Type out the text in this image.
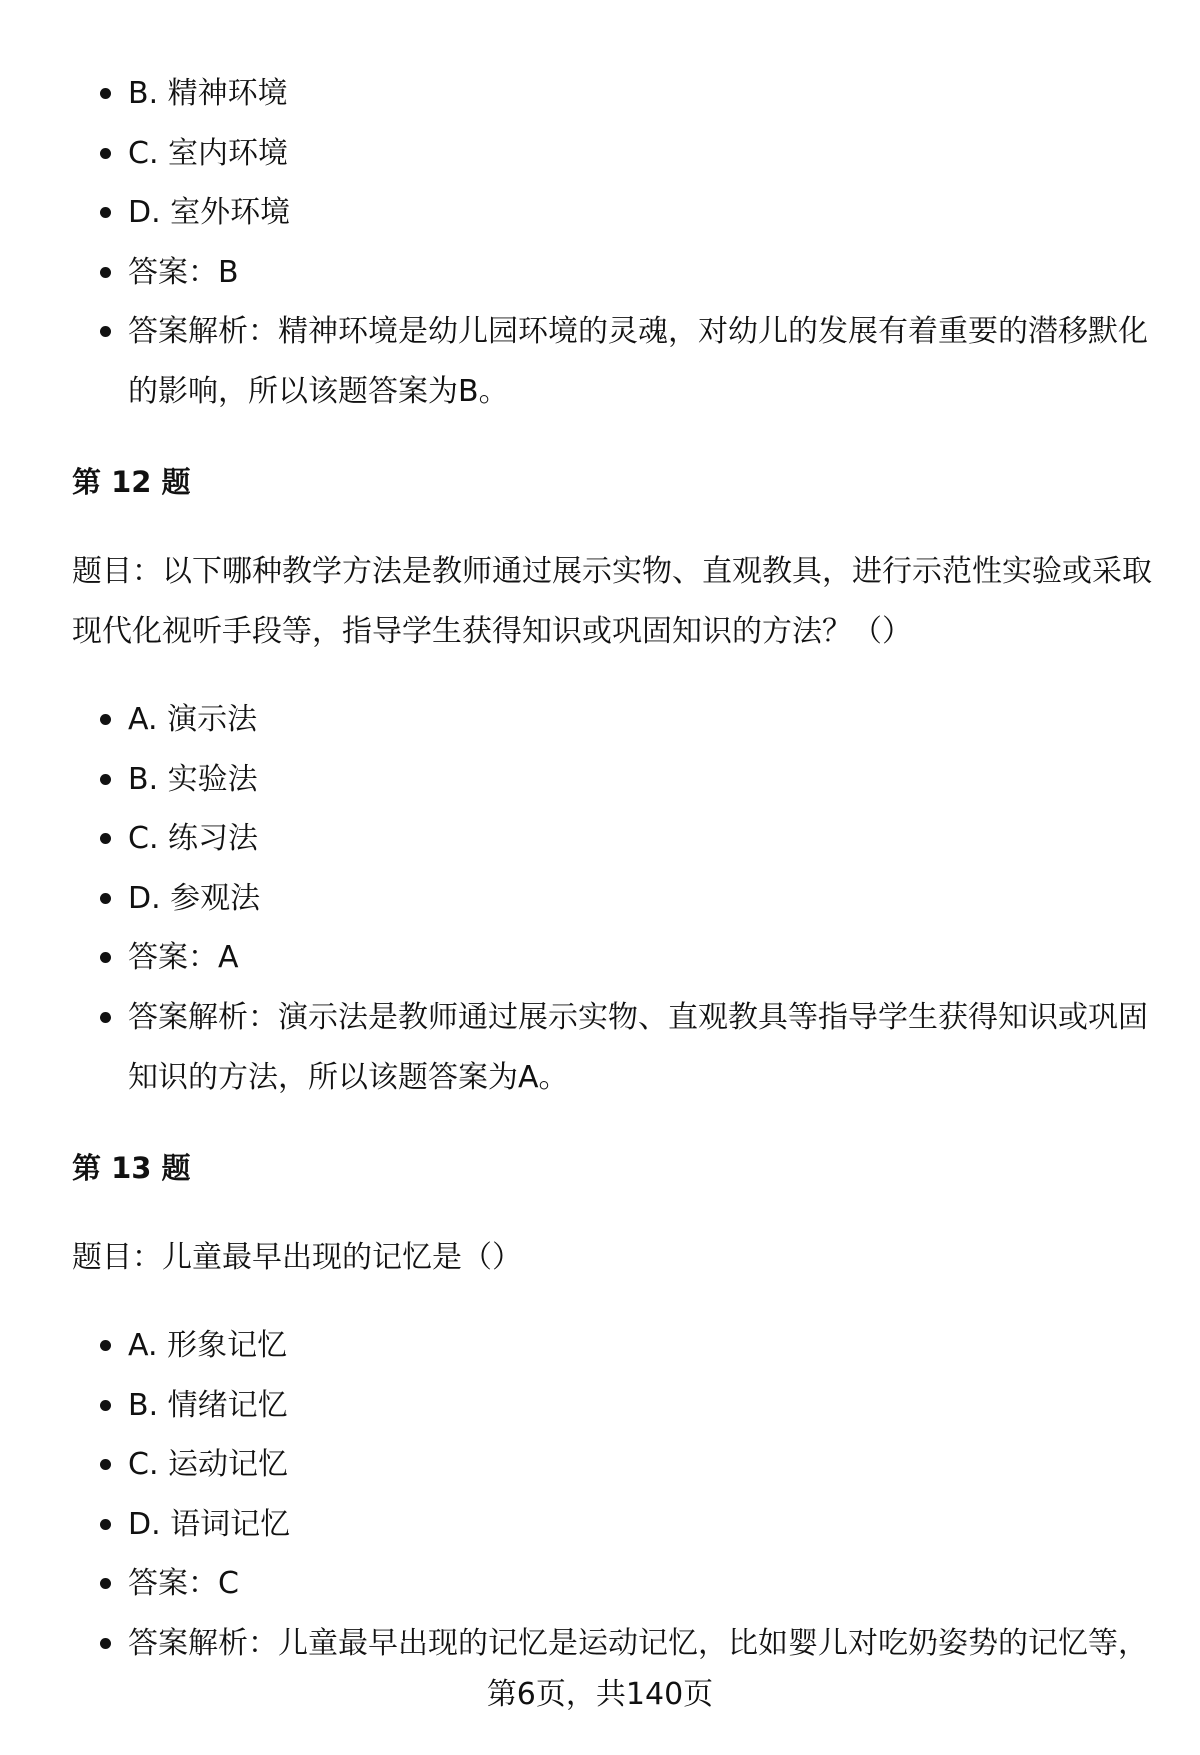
B. 精神环境
C. 室内环境
D. 室外环境
答案：B
答案解析：精神环境是幼儿园环境的灵魂，对幼儿的发展有着重要的潜移默化的影响，所以该题答案为B。
第 12 题
题目：以下哪种教学方法是教师通过展示实物、直观教具，进行示范性实验或采取现代化视听手段等，指导学生获得知识或巩固知识的方法？（）
A. 演示法
B. 实验法
C. 练习法
D. 参观法
答案：A
答案解析：演示法是教师通过展示实物、直观教具等指导学生获得知识或巩固知识的方法，所以该题答案为A。
第 13 题
题目：儿童最早出现的记忆是（）
A. 形象记忆
B. 情绪记忆
C. 运动记忆
D. 语词记忆
答案：C
答案解析：儿童最早出现的记忆是运动记忆，比如婴儿对吃奶姿势的记忆等，
第6页，共140页
